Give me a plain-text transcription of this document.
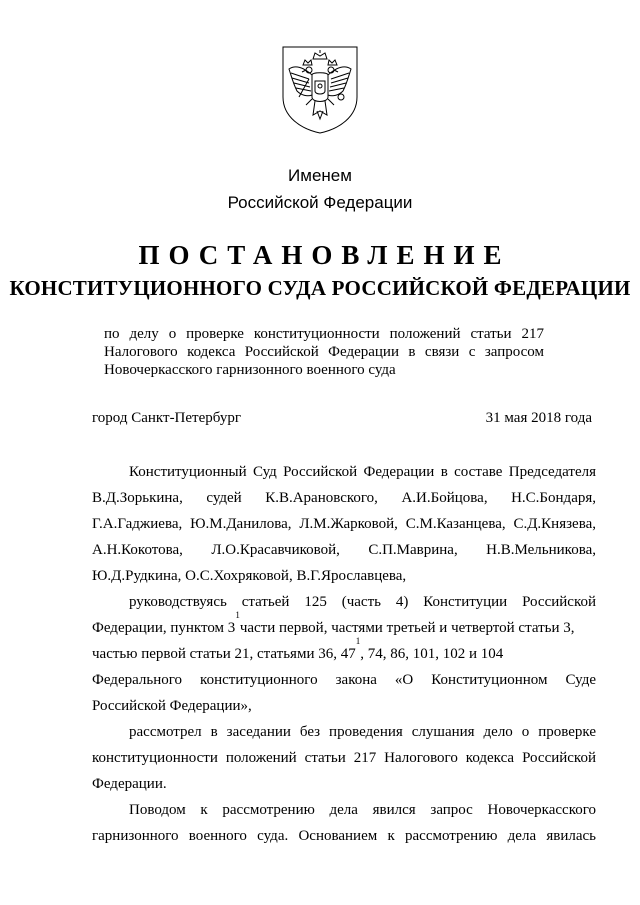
Именем
Российской Федерации
ПОСТАНОВЛЕНИЕ
КОНСТИТУЦИОННОГО СУДА РОССИЙСКОЙ ФЕДЕРАЦИИ
по делу о проверке конституционности положений статьи 217
Налогового кодекса Российской Федерации в связи с запросом
Новочеркасского гарнизонного военного суда
город Санкт-Петербург	31 мая 2018 года
Конституционный Суд Российской Федерации в составе Председателя
В.Д.Зорькина, судей К.В.Арановского, А.И.Бойцова, Н.С.Бондаря,
Г.А.Гаджиева, Ю.М.Данилова, Л.М.Жарковой, С.М.Казанцева, С.Д.Князева,
А.Н.Кокотова, Л.О.Красавчиковой, С.П.Маврина, Н.В.Мельникова,
Ю.Д.Рудкина, О.С.Хохряковой, В.Г.Ярославцева,
руководствуясь статьей 125 (часть 4) Конституции Российской
Федерации, пунктом 3
1
части первой, частями третьей и четвертой статьи 3,
частью первой статьи 21, статьями 36, 47
1
, 74, 86, 101, 102 и 104
Федерального конституционного закона «О Конституционном Суде
Российской Федерации»,
рассмотрел в заседании без проведения слушания дело о проверке
конституционности положений статьи 217 Налогового кодекса Российской
Федерации.
Поводом к рассмотрению дела явился запрос Новочеркасского
гарнизонного военного суда. Основанием к рассмотрению дела явилась
